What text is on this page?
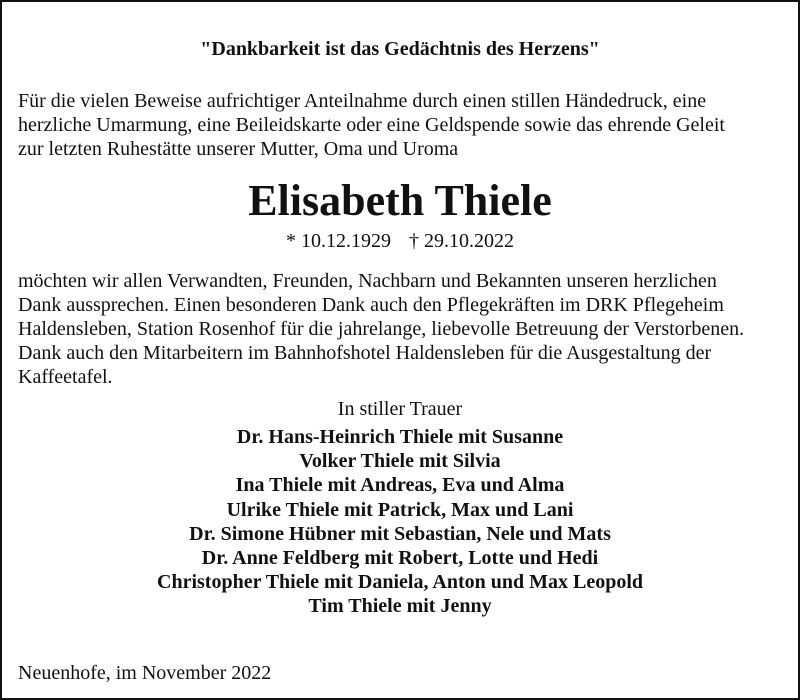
"Dankbarkeit ist das Gedächtnis des Herzens"
Für die vielen Beweise aufrichtiger Anteilnahme durch einen stillen Händedruck, eine
herzliche Umarmung, eine Beileidskarte oder eine Geldspende sowie das ehrende Geleit
zur letzten Ruhestätte unserer Mutter, Oma und Uroma
Elisabeth Thiele
* 10.12.1929 † 29.10.2022
möchten wir allen Verwandten, Freunden, Nachbarn und Bekannten unseren herzlichen
Dank aussprechen. Einen besonderen Dank auch den Pflegekräften im DRK Pflegeheim
Haldensleben, Station Rosenhof für die jahrelange, liebevolle Betreuung der Verstorbenen.
Dank auch den Mitarbeitern im Bahnhofshotel Haldensleben für die Ausgestaltung der
Kaffeetafel.
In stiller Trauer
Dr. Hans-Heinrich Thiele mit Susanne
Volker Thiele mit Silvia
Ina Thiele mit Andreas, Eva und Alma
Ulrike Thiele mit Patrick, Max und Lani
Dr. Simone Hübner mit Sebastian, Nele und Mats
Dr. Anne Feldberg mit Robert, Lotte und Hedi
Christopher Thiele mit Daniela, Anton und Max Leopold
Tim Thiele mit Jenny
Neuenhofe, im November 2022
